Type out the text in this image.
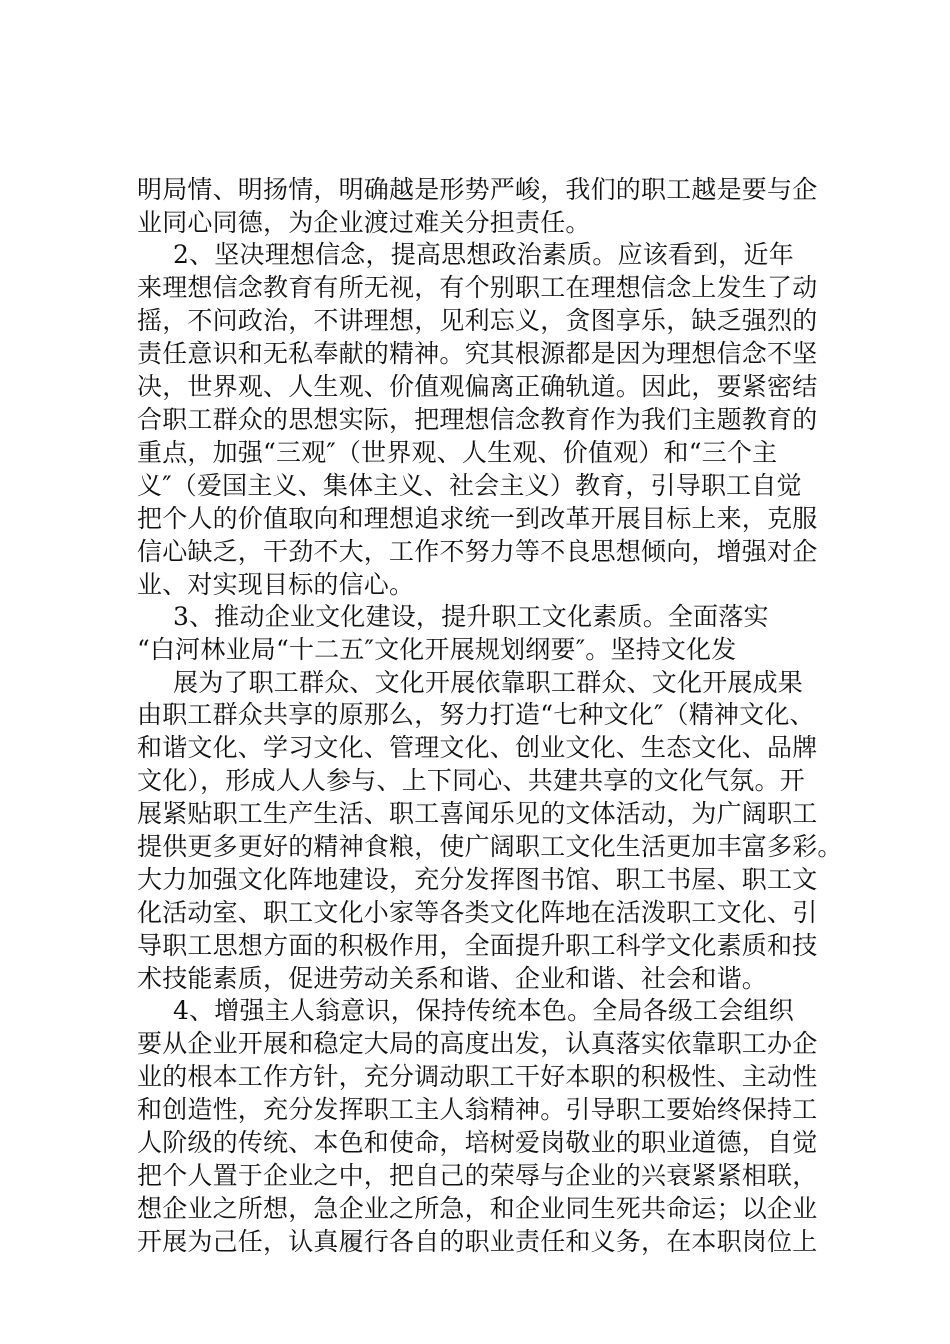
明局情、明扬情，明确越是形势严峻，我们的职工越是要与企
业同心同德，为企业渡过难关分担责任。
2、坚决理想信念，提高思想政治素质。应该看到，近年
来理想信念教育有所无视，有个别职工在理想信念上发生了动
摇，不问政治，不讲理想，见利忘义，贪图享乐，缺乏强烈的
责任意识和无私奉献的精神。究其根源都是因为理想信念不坚
决，世界观、人生观、价值观偏离正确轨道。因此，要紧密结
合职工群众的思想实际，把理想信念教育作为我们主题教育的
重点，加强“三观″（世界观、人生观、价值观）和“三个主
义″（爱国主义、集体主义、社会主义）教育，引导职工自觉
把个人的价值取向和理想追求统一到改革开展目标上来，克服
信心缺乏，干劲不大，工作不努力等不良思想倾向，增强对企
业、对实现目标的信心。
3、推动企业文化建设，提升职工文化素质。全面落实
“白河林业局“十二五″文化开展规划纲要″。坚持文化发
展为了职工群众、文化开展依靠职工群众、文化开展成果
由职工群众共享的原那么，努力打造“七种文化″（精神文化、
和谐文化、学习文化、管理文化、创业文化、生态文化、品牌
文化），形成人人参与、上下同心、共建共享的文化气氛。开
展紧贴职工生产生活、职工喜闻乐见的文体活动，为广阔职工
提供更多更好的精神食粮，使广阔职工文化生活更加丰富多彩。
大力加强文化阵地建设，充分发挥图书馆、职工书屋、职工文
化活动室、职工文化小家等各类文化阵地在活泼职工文化、引
导职工思想方面的积极作用，全面提升职工科学文化素质和技
术技能素质，促进劳动关系和谐、企业和谐、社会和谐。
4、增强主人翁意识，保持传统本色。全局各级工会组织
要从企业开展和稳定大局的高度出发，认真落实依靠职工办企
业的根本工作方针，充分调动职工干好本职的积极性、主动性
和创造性，充分发挥职工主人翁精神。引导职工要始终保持工
人阶级的传统、本色和使命，培树爱岗敬业的职业道德，自觉
把个人置于企业之中，把自己的荣辱与企业的兴衰紧紧相联，
想企业之所想，急企业之所急，和企业同生死共命运；以企业
开展为己任，认真履行各自的职业责任和义务，在本职岗位上
